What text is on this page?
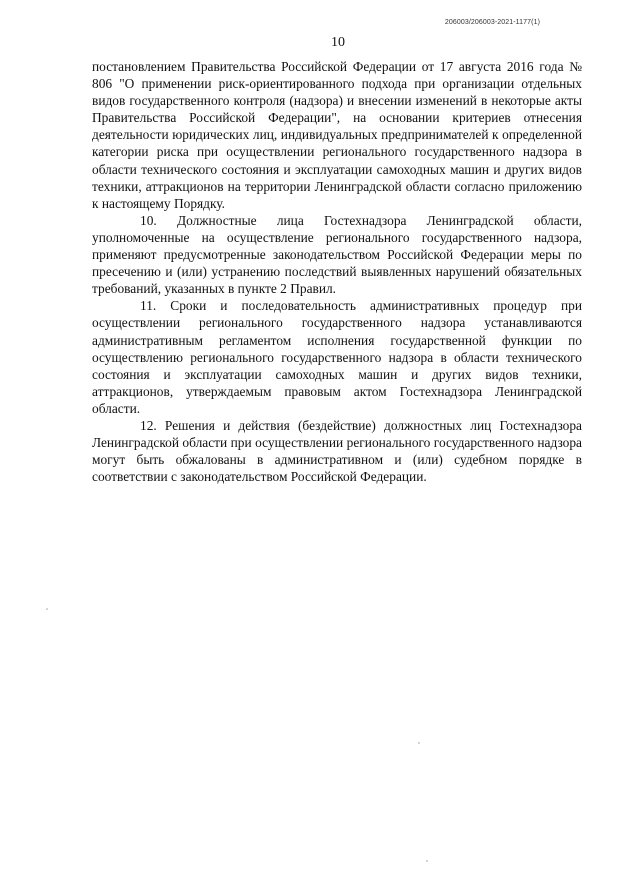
206003/206003-2021-1177(1)
10

постановлением Правительства Российской Федерации от 17 августа 2016 года № 806 "О применении риск-ориентированного подхода при организации отдельных видов государственного контроля (надзора) и внесении изменений в некоторые акты Правительства Российской Федерации", на основании критериев отнесения деятельности юридических лиц, индивидуальных предпринимателей к определенной категории риска при осуществлении регионального государственного надзора в области технического состояния и эксплуатации самоходных машин и других видов техники, аттракционов на территории Ленинградской области согласно приложению к настоящему Порядку.

10. Должностные лица Гостехнадзора Ленинградской области, уполномоченные на осуществление регионального государственного надзора, применяют предусмотренные законодательством Российской Федерации меры по пресечению и (или) устранению последствий выявленных нарушений обязательных требований, указанных в пункте 2 Правил.

11. Сроки и последовательность административных процедур при осуществлении регионального государственного надзора устанавливаются административным регламентом исполнения государственной функции по осуществлению регионального государственного надзора в области технического состояния и эксплуатации самоходных машин и других видов техники, аттракционов, утверждаемым правовым актом Гостехнадзора Ленинградской области.

12. Решения и действия (бездействие) должностных лиц Гостехнадзора Ленинградской области при осуществлении регионального государственного надзора могут быть обжалованы в административном и (или) судебном порядке в соответствии с законодательством Российской Федерации.
